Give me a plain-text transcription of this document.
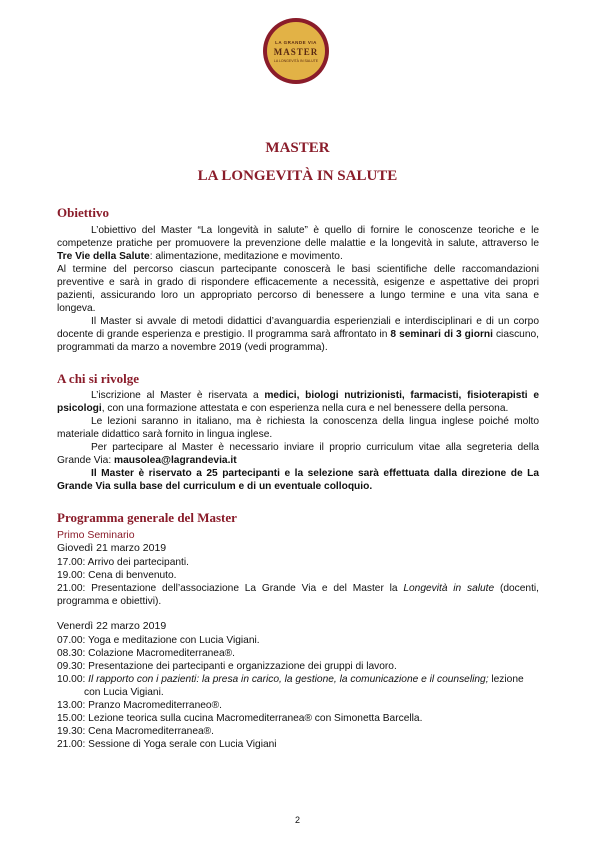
LA GRANDE VIA
MASTER
LA LONGEVITÀ IN SALUTE
MASTER
LA LONGEVITÀ IN SALUTE
Obiettivo

L’obiettivo del Master “La longevità in salute” è quello di fornire le conoscenze teoriche e le competenze pratiche per promuovere la prevenzione delle malattie e la longevità in salute, attraverso le Tre Vie della Salute: alimentazione, meditazione e movimento.

Al termine del percorso ciascun partecipante conoscerà le basi scientifiche delle raccomandazioni preventive e sarà in grado di rispondere efficacemente a necessità, esigenze e aspettative dei propri pazienti, assicurando loro un appropriato percorso di benessere a lungo termine e una vita sana e longeva.

Il Master si avvale di metodi didattici d’avanguardia esperienziali e interdisciplinari e di un corpo docente di grande esperienza e prestigio. Il programma sarà affrontato in 8 seminari di 3 giorni ciascuno, programmati da marzo a novembre 2019 (vedi programma).

A chi si rivolge

L’iscrizione al Master è riservata a medici, biologi nutrizionisti, farmacisti, fisioterapisti e psicologi, con una formazione attestata e con esperienza nella cura e nel benessere della persona.

Le lezioni saranno in italiano, ma è richiesta la conoscenza della lingua inglese poiché molto materiale didattico sarà fornito in lingua inglese.

Per partecipare al Master è necessario inviare il proprio curriculum vitae alla segreteria della Grande Via: mausolea@lagrandevia.it

Il Master è riservato a 25 partecipanti e la selezione sarà effettuata dalla direzione de La Grande Via sulla base del curriculum e di un eventuale colloquio.

Programma generale del Master
Primo Seminario
Giovedì 21 marzo 2019
17.00: Arrivo dei partecipanti.
19.00: Cena di benvenuto.

21.00: Presentazione dell’associazione La Grande Via e del Master la Longevità in salute (docenti, programma e obiettivi).

Venerdì 22 marzo 2019
07.00: Yoga e meditazione con Lucia Vigiani.
08.30: Colazione Macromediterranea®.
09.30: Presentazione dei partecipanti e organizzazione dei gruppi di lavoro.
10.00: Il rapporto con i pazienti: la presa in carico, la gestione, la comunicazione e il counseling; lezione
con Lucia Vigiani.
13.00: Pranzo Macromediterraneo®.
15.00: Lezione teorica sulla cucina Macromediterranea® con Simonetta Barcella.
19.30: Cena Macromediterranea®.
21.00: Sessione di Yoga serale con Lucia Vigiani
2
